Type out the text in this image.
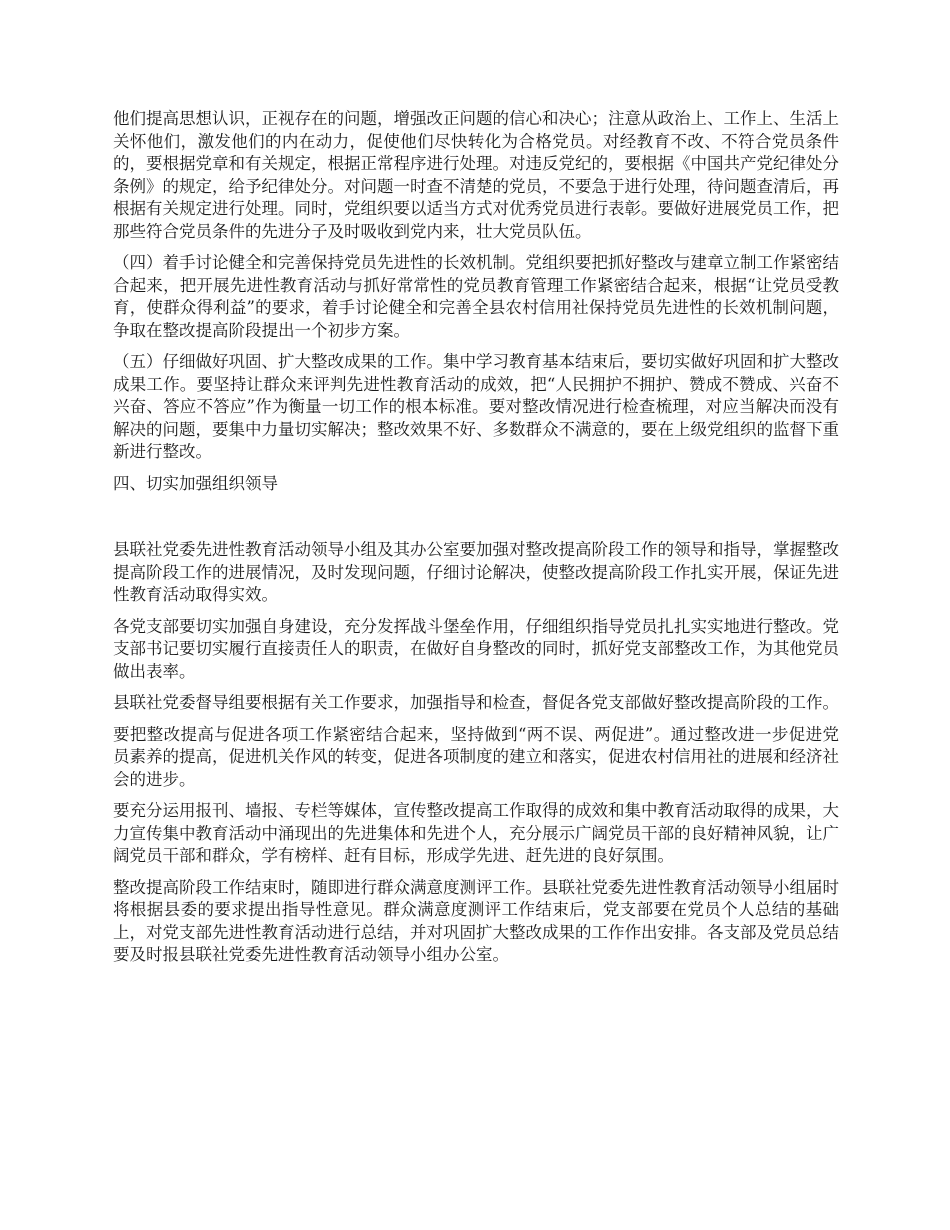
他们提高思想认识，正视存在的问题，增强改正问题的信心和决心；注意从政治上、工作上、生活上关怀他们，激发他们的内在动力，促使他们尽快转化为合格党员。对经教育不改、不符合党员条件的，要根据党章和有关规定，根据正常程序进行处理。对违反党纪的，要根据《中国共产党纪律处分条例》的规定，给予纪律处分。对问题一时查不清楚的党员，不要急于进行处理，待问题查清后，再根据有关规定进行处理。同时，党组织要以适当方式对优秀党员进行表彰。要做好进展党员工作，把那些符合党员条件的先进分子及时吸收到党内来，壮大党员队伍。

（四）着手讨论健全和完善保持党员先进性的长效机制。党组织要把抓好整改与建章立制工作紧密结合起来，把开展先进性教育活动与抓好常常性的党员教育管理工作紧密结合起来，根据“让党员受教育，使群众得利益”的要求，着手讨论健全和完善全县农村信用社保持党员先进性的长效机制问题，争取在整改提高阶段提出一个初步方案。

（五）仔细做好巩固、扩大整改成果的工作。集中学习教育基本结束后，要切实做好巩固和扩大整改成果工作。要坚持让群众来评判先进性教育活动的成效，把“人民拥护不拥护、赞成不赞成、兴奋不兴奋、答应不答应”作为衡量一切工作的根本标准。要对整改情况进行检查梳理，对应当解决而没有解决的问题，要集中力量切实解决；整改效果不好、多数群众不满意的，要在上级党组织的监督下重新进行整改。

四、切实加强组织领导

县联社党委先进性教育活动领导小组及其办公室要加强对整改提高阶段工作的领导和指导，掌握整改提高阶段工作的进展情况，及时发现问题，仔细讨论解决，使整改提高阶段工作扎实开展，保证先进性教育活动取得实效。

各党支部要切实加强自身建设，充分发挥战斗堡垒作用，仔细组织指导党员扎扎实实地进行整改。党支部书记要切实履行直接责任人的职责，在做好自身整改的同时，抓好党支部整改工作，为其他党员做出表率。

县联社党委督导组要根据有关工作要求，加强指导和检查，督促各党支部做好整改提高阶段的工作。

要把整改提高与促进各项工作紧密结合起来，坚持做到“两不误、两促进”。通过整改进一步促进党员素养的提高，促进机关作风的转变，促进各项制度的建立和落实，促进农村信用社的进展和经济社会的进步。

要充分运用报刊、墙报、专栏等媒体，宣传整改提高工作取得的成效和集中教育活动取得的成果，大力宣传集中教育活动中涌现出的先进集体和先进个人，充分展示广阔党员干部的良好精神风貌，让广阔党员干部和群众，学有榜样、赶有目标，形成学先进、赶先进的良好氛围。

整改提高阶段工作结束时，随即进行群众满意度测评工作。县联社党委先进性教育活动领导小组届时将根据县委的要求提出指导性意见。群众满意度测评工作结束后，党支部要在党员个人总结的基础上，对党支部先进性教育活动进行总结，并对巩固扩大整改成果的工作作出安排。各支部及党员总结要及时报县联社党委先进性教育活动领导小组办公室。
